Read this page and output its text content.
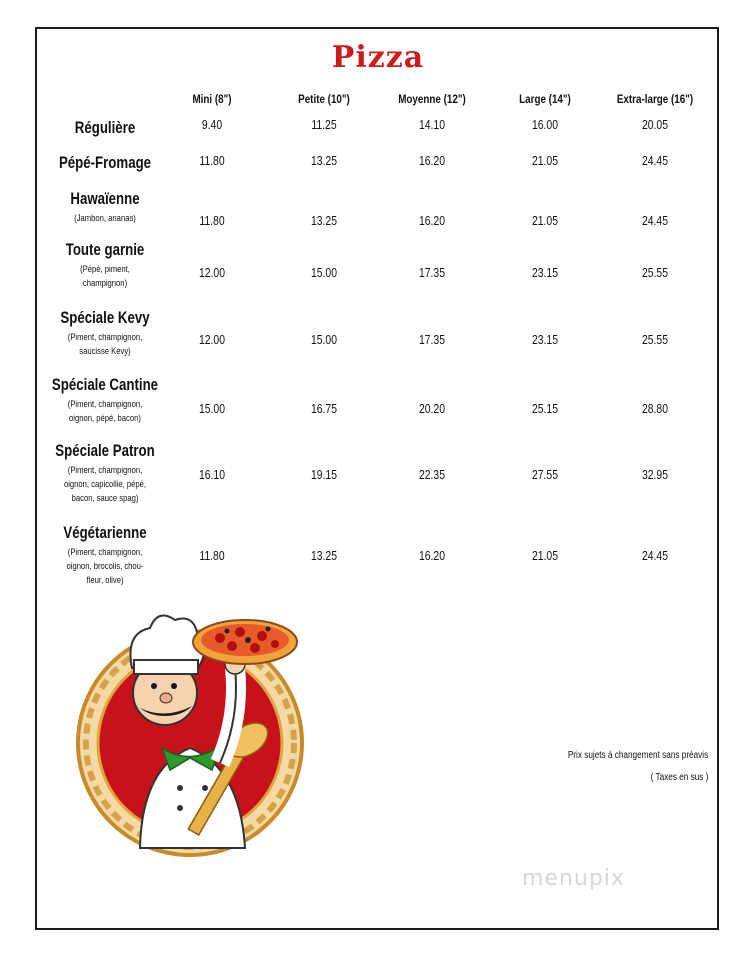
Pizza
Mini (8")	Petite (10")	Moyenne (12")	Large (14")	Extra-large (16")
Régulière	9.40	11.25	14.10	16.00	20.05
Pépé-Fromage	11.80	13.25	16.20	21.05	24.45
Hawaïenne
(Jambon, ananas)	11.80	13.25	16.20	21.05	24.45
Toute garnie
(Pépé, piment,
champignon)
12.00	15.00	17.35	23.15	25.55
Spéciale Kevy
(Piment, champignon,
saucisse Kevy)
12.00	15.00	17.35	23.15	25.55
Spéciale Cantine
(Piment, champignon,
oignon, pépé, bacon)
15.00	16.75	20.20	25.15	28.80
Spéciale Patron
(Piment, champignon,
oignon, capicollie, pépé,
bacon, sauce spag)
16.10	19.15	22.35	27.55	32.95
Végétarienne
(Piment, champignon,
oignon, brocolis, chou-
fleur, olive)
11.80	13.25	16.20	21.05	24.45
Prix sujets à changement sans préavis
( Taxes en sus )
menupix
